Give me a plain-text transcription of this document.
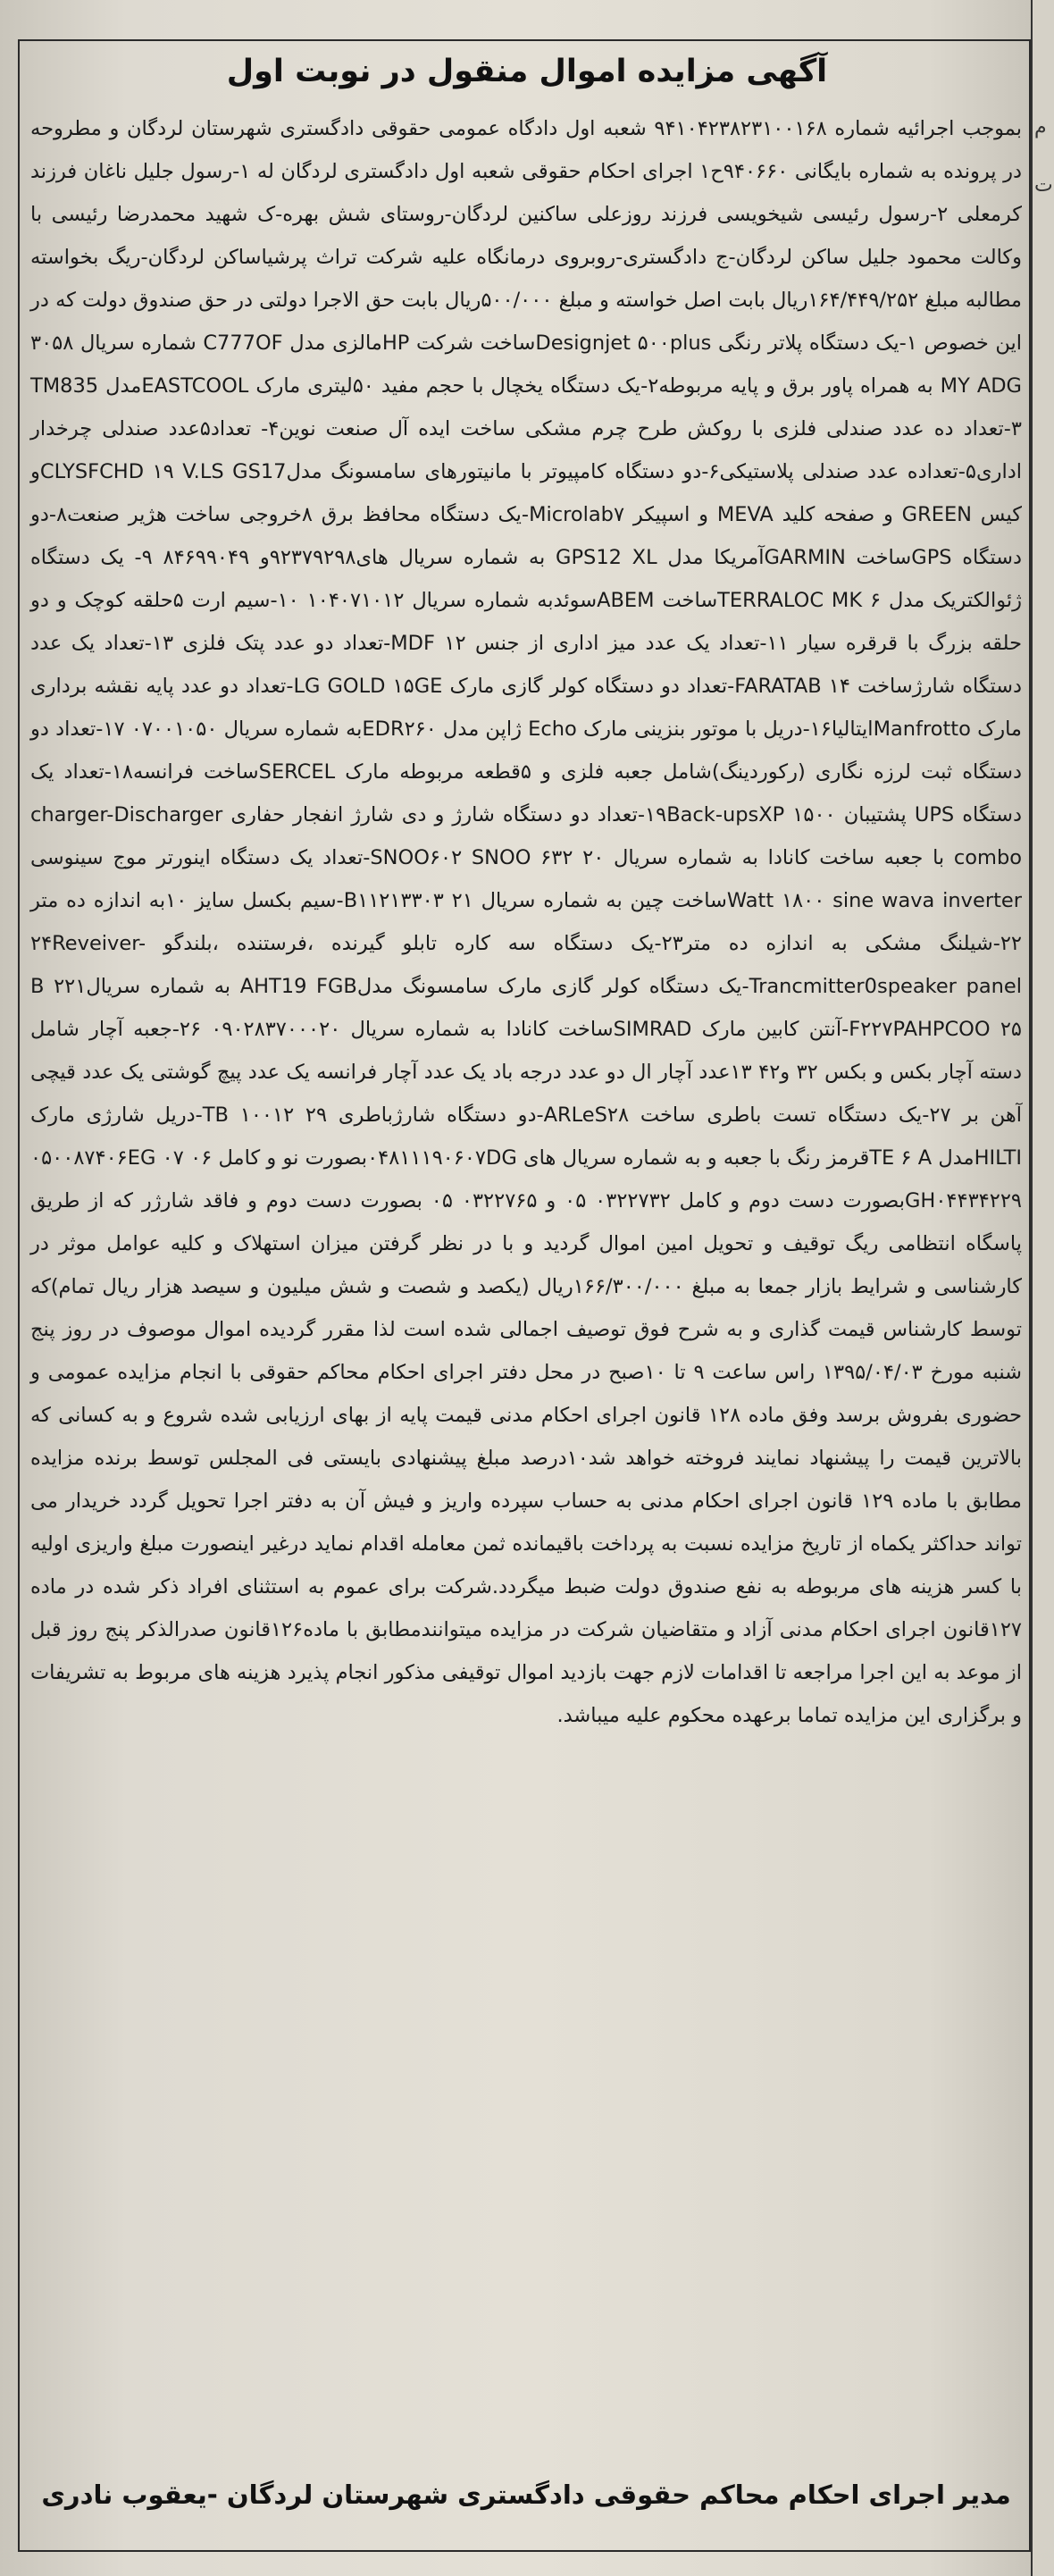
آگهی مزایده اموال منقول در نوبت اول

بموجب اجرائیه شماره ۹۴۱۰۴۲۳۸۲۳۱۰۰۱۶۸ شعبه اول دادگاه عمومی حقوقی دادگستری شهرستان لردگان و مطروحه در پرونده به شماره بایگانی ۹۴۰۶۶۰ح۱ اجرای احکام حقوقی شعبه اول دادگستری لردگان له ۱-رسول جلیل ناغان فرزند کرمعلی ۲-رسول رئیسی شیخویسی فرزند روزعلی ساکنین لردگان-روستای شش بهره-ک شهید محمدرضا رئیسی با وکالت محمود جلیل ساکن لردگان-ج دادگستری-روبروی درمانگاه علیه شرکت تراث پرشیاساکن لردگان-ریگ بخواسته مطالبه مبلغ ۱۶۴/۴۴۹/۲۵۲ریال بابت اصل خواسته و مبلغ ۵۰۰/۰۰۰ریال بابت حق الاجرا دولتی در حق صندوق دولت که در این خصوص ۱-یک دستگاه پلاتر رنگی Designjet ۵۰۰plusساخت شرکت HPمالزی مدل C777OF شماره سریال ۳۰۵۸ MY ADG به همراه پاور برق و پایه مربوطه۲-یک دستگاه یخچال با حجم مفید ۵۰لیتری مارک EASTCOOLمدل TM835 ۳-تعداد ده عدد صندلی فلزی با روکش طرح چرم مشکی ساخت ایده آل صنعت نوین۴- تعداد۵عدد صندلی چرخدار اداری۵-تعداده عدد صندلی پلاستیکی۶-دو دستگاه کامپیوتر با مانیتورهای سامسونگ مدلCLYSFCHD ۱۹ V.LS GS17و کیس GREEN و صفحه کلید MEVA و اسپیکر Microlab۷-یک دستگاه محافظ برق ۸خروجی ساخت هژیر صنعت۸-دو دستگاه GPSساخت GARMINآمریکا مدل GPS12 XL به شماره سریال های۹۲۳۷۹۲۹۸و ۸۴۶۹۹۰۴۹ ۹- یک دستگاه ژئوالکتریک مدل ۶ TERRALOC MKساخت ABEMسوئدبه شماره سریال ۱۰۴۰۷۱۰۱۲ ۱۰-سیم ارت ۵حلقه کوچک و دو حلقه بزرگ با قرقره سیار ۱۱-تعداد یک عدد میز اداری از جنس MDF ۱۲-تعداد دو عدد پتک فلزی ۱۳-تعداد یک عدد دستگاه شارژساخت FARATAB ۱۴-تعداد دو دستگاه کولر گازی مارک LG GOLD ۱۵GE-تعداد دو عدد پایه نقشه برداری مارک Manfrottoایتالیا۱۶-دریل با موتور بنزینی مارک Echo ژاپن مدل EDR۲۶۰به شماره سریال ۰۷۰۰۱۰۵۰ ۱۷-تعداد دو دستگاه ثبت لرزه نگاری (رکوردینگ)شامل جعبه فلزی و ۵قطعه مربوطه مارک SERCELساخت فرانسه۱۸-تعداد یک دستگاه UPS پشتیبان ۱۵۰۰ ۱۹Back-upsXP-تعداد دو دستگاه شارژ و دی شارژ انفجار حفاری charger-Discharger combo با جعبه ساخت کانادا به شماره سریال SNOO۶۰۲ SNOO ۶۳۲ ۲۰-تعداد یک دستگاه اینورتر موج سینوسی Watt ۱۸۰۰ sine wava inverterساخت چین به شماره سریال B۱۱۲۱۳۳۰۳ ۲۱-سیم بکسل سایز ۱۰به اندازه ده متر ۲۲-شیلنگ مشکی به اندازه ده متر۲۳-یک دستگاه سه کاره تابلو گیرنده ،فرستنده ،بلندگو ۲۴Reveiver-Trancmitter0speaker panel-یک دستگاه کولر گازی مارک سامسونگ مدلAHT19 FGB به شماره سریالB ۲۲۱ F۲۲۷PAHPCOO ۲۵-آنتن کابین مارک SIMRADساخت کانادا به شماره سریال ۰۹۰۲۸۳۷۰۰۰۲۰ ۲۶-جعبه آچار شامل دسته آچار بکس و بکس ۳۲ و۴۲ ۱۳عدد آچار ال دو عدد درجه باد یک عدد آچار فرانسه یک عدد پیچ گوشتی یک عدد قیچی آهن بر ۲۷-یک دستگاه تست باطری ساخت ARLeS۲۸-دو دستگاه شارژباطری TB ۱۰۰۱۲ ۲۹-دریل شارژی مارک HILTIمدل TE ۶ Aقرمز رنگ با جعبه و به شماره سریال های ۰۴۸۱۱۱۹۰۶۰۷DGبصورت نو و کامل ۰۵۰۰۸۷۴۰۶EG ۰۷ ۰۶ GH۰۴۴۳۴۲۲۹بصورت دست دوم و کامل ۰۳۲۲۷۳۲ ۰۵ و ۰۳۲۲۷۶۵ ۰۵ بصورت دست دوم و فاقد شارژر که از طریق پاسگاه انتظامی ریگ توقیف و تحویل امین اموال گردید و با در نظر گرفتن میزان استهلاک و کلیه عوامل موثر در کارشناسی و شرایط بازار جمعا به مبلغ ۱۶۶/۳۰۰/۰۰۰ریال (یکصد و شصت و شش میلیون و سیصد هزار ریال تمام)که توسط کارشناس قیمت گذاری و به شرح فوق توصیف اجمالی شده است لذا مقرر گردیده اموال موصوف در روز پنج شنبه مورخ ۱۳۹۵/۰۴/۰۳ راس ساعت ۹ تا ۱۰صبح در محل دفتر اجرای احکام محاکم حقوقی با انجام مزایده عمومی و حضوری بفروش برسد وفق ماده ۱۲۸ قانون اجرای احکام مدنی قیمت پایه از بهای ارزیابی شده شروع و به کسانی که بالاترین قیمت را پیشنهاد نمایند فروخته خواهد شد۱۰درصد مبلغ پیشنهادی بایستی فی المجلس توسط برنده مزایده مطابق با ماده ۱۲۹ قانون اجرای احکام مدنی به حساب سپرده واریز و فیش آن به دفتر اجرا تحویل گردد خریدار می تواند حداکثر یکماه از تاریخ مزایده نسبت به پرداخت باقیمانده ثمن معامله اقدام نماید درغیر اینصورت مبلغ واریزی اولیه با کسر هزینه های مربوطه به نفع صندوق دولت ضبط میگردد.شرکت برای عموم به استثنای افراد ذکر شده در ماده ۱۲۷قانون اجرای احکام مدنی آزاد و متقاضیان شرکت در مزایده میتوانندمطابق با ماده۱۲۶قانون صدرالذکر پنج روز قبل از موعد به این اجرا مراجعه تا اقدامات لازم جهت بازدید اموال توقیفی مذکور انجام پذیرد هزینه های مربوط به تشریفات و برگزاری این مزایده تماما برعهده محکوم علیه میباشد.

مدیر اجرای احکام محاکم حقوقی دادگستری شهرستان لردگان -یعقوب نادری
م
ت
